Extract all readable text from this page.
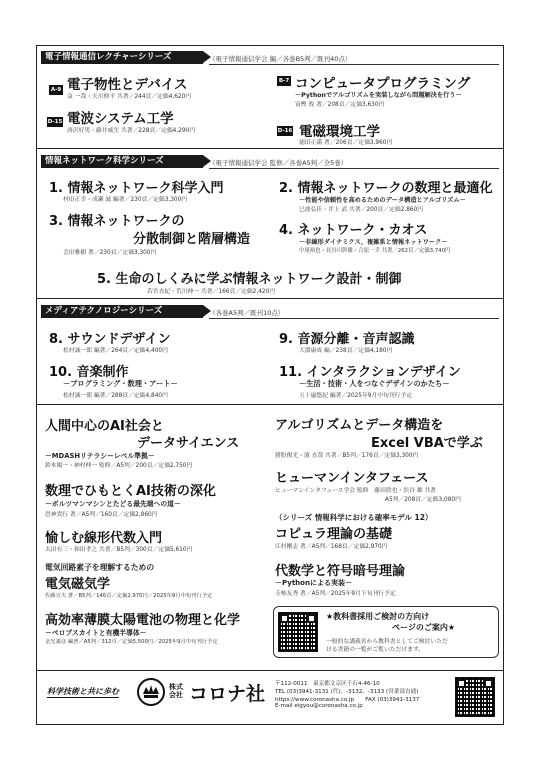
電子情報通信レクチャーシリーズ	（電子情報通信学会 編／各巻B5判／既刊40点）
A-9 電子物性とデバイス
益 一哉・天川修平 共著／244頁／定価4,620円
D-15 電波システム工学
唐沢好男・藤井威生 共著／228頁／定価4,290円
B-7 コンピュータプログラミング
－Pythonでアルゴリズムを実装しながら問題解決を行う－
富樫 敦 著／208頁／定価3,630円
D-16 電磁環境工学
徳田正満 著／206頁／定価3,960円
情報ネットワーク科学シリーズ	（電子情報通信学会 監修／各巻A5判／全5巻）
1. 情報ネットワーク科学入門
村田正幸・成瀬 誠 編著／230頁／定価3,300円
3. 情報ネットワークの
分散制御と階層構造
会田雅樹 著／230頁／定価3,300円
2. 情報ネットワークの数理と最適化
－性能や信頼性を高めるためのデータ構造とアルゴリズム－
巳波弘佳・井上 武 共著／200頁／定価2,860円
4. ネットワーク・カオス
－非線形ダイナミクス，複雑系と情報ネットワーク－
中尾裕也・長谷川幹雄・合原一幸 共著／262頁／定価3,740円
5. 生命のしくみに学ぶ情報ネットワーク設計・制御
若宮直紀・荒川伸一 共著／166頁／定価2,420円
メディアテクノロジーシリーズ	（各巻A5判／既刊10点）
8. サウンドデザイン
松村誠一郎 編著／264頁／定価4,400円
10. 音楽制作
－プログラミング・数理・アート－
松村誠一郎 編著／288頁／定価4,840円
9. 音源分離・音声認識
大淵康成 編／238頁／定価4,180円
11. インタラクションデザイン
－生活・技術・人をつなぐデザインのかたち－
五十嵐悠紀 編著／2025年9月中旬刊行予定
人間中心のAI社会と
データサイエンス
－MDASHリテラシーレベル準拠－
鈴木陽一・神村伸一 監修／A5判／200頁／定価2,750円
数理でひもとくAI技術の深化
－ボルツマンマシンとたどる最先端への道－
恐神貴行 著／A5判／160頁／定価2,860円
愉しむ線形代数入門
太田有三・和田孝之 共著／B5判／300頁／定価5,610円
電気回路素子を理解するための
電気磁気学
佐藤宣夫 著／B5判／146頁／定価2,970円／2025年9月中旬刊行予定
高効率薄膜太陽電池の物理と化学
－ペロブスカイトと有機半導体－
金光義彦 編著／A5判／312頁／定価5,500円／2025年9月中旬刊行予定
アルゴリズムとデータ構造を
Excel VBAで学ぶ
猪股俊光・濱 直哉 共著／B5判／176頁／定価3,300円
ヒューマンインタフェース
ヒューマンインタフェース学会 監修　藤田欣也・渋谷 雄 共著
A5判／208頁／定価3,080円
（シリーズ 情報科学における確率モデル 12）
コピュラ理論の基礎
江村剛志 著／A5判／168頁／定価2,970円
代数学と符号暗号理論
－Pythonによる実装－
寺杣友秀 著／A5判／2025年9月下旬刊行予定
★教科書採用ご検討の方向け
ページのご案内★
一般的な講義名から教科書としてご検討いただ
ける書籍の一覧がご覧いただけます。
科学技術と共に歩む	株式
会社 コロナ社 〒112-0011　東京都文京区千石4-46-10
TEL (03)3941-3131 (代)、-3132、-3133 (営業部直通)
https://www.coronasha.co.jp　　FAX (03)3941-3137
E-mail eigyou@coronasha.co.jp
